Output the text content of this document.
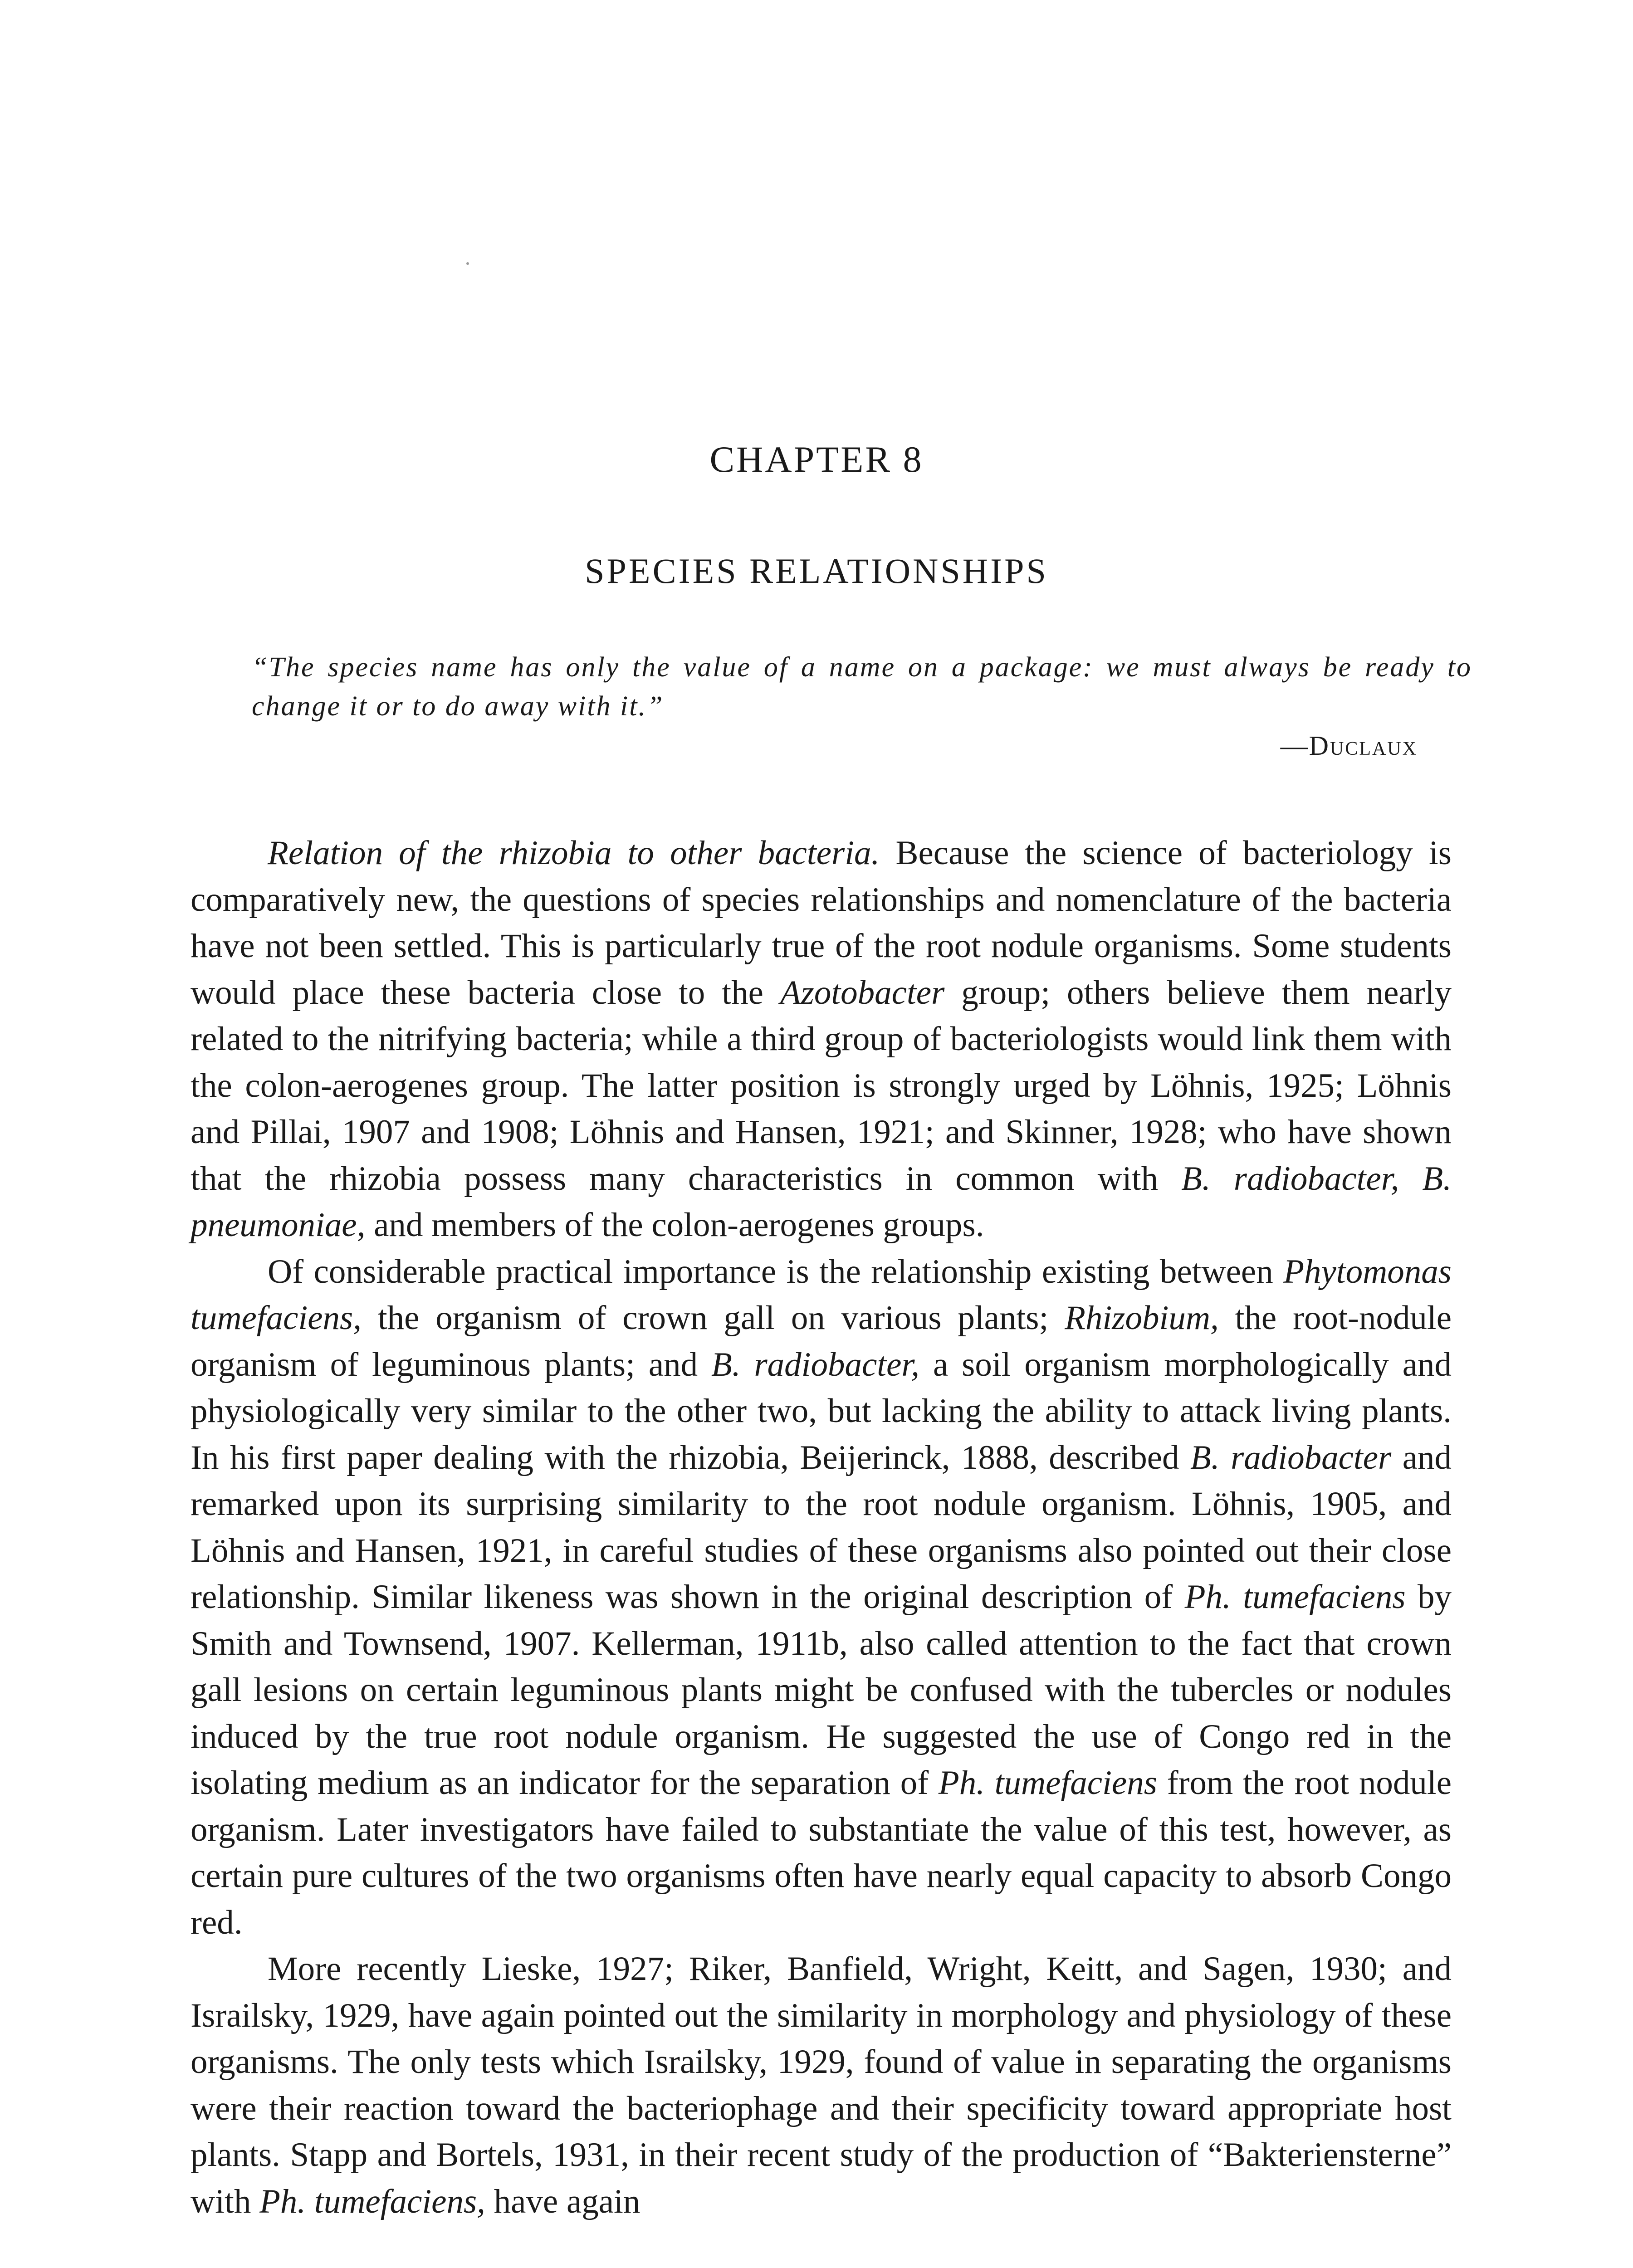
CHAPTER 8
SPECIES RELATIONSHIPS
“The species name has only the value of a name on a package: we must always be ready to change it or to do away with it.”
—Duclaux

Relation of the rhizobia to other bacteria. Because the science of bacteriology is comparatively new, the questions of species relationships and nomenclature of the bacteria have not been settled. This is particularly true of the root nodule organisms. Some students would place these bacteria close to the Azotobacter group; others believe them nearly related to the nitrifying bacteria; while a third group of bacteriologists would link them with the colon-aerogenes group. The latter position is strongly urged by Löhnis, 1925; Löhnis and Pillai, 1907 and 1908; Löhnis and Hansen, 1921; and Skinner, 1928; who have shown that the rhizobia possess many characteristics in common with B. radiobacter, B. pneumoniae, and members of the colon-aerogenes groups.

Of considerable practical importance is the relationship existing between Phytomonas tumefaciens, the organism of crown gall on various plants; Rhizobium, the root-nodule organism of leguminous plants; and B. radiobacter, a soil organism morphologically and physiologically very similar to the other two, but lacking the ability to attack living plants. In his first paper dealing with the rhizobia, Beijerinck, 1888, described B. radiobacter and remarked upon its surprising similarity to the root nodule organism. Löhnis, 1905, and Löhnis and Hansen, 1921, in careful studies of these organisms also pointed out their close relationship. Similar likeness was shown in the original description of Ph. tumefaciens by Smith and Townsend, 1907. Kellerman, 1911b, also called attention to the fact that crown gall lesions on certain leguminous plants might be confused with the tubercles or nodules induced by the true root nodule organism. He suggested the use of Congo red in the isolating medium as an indicator for the separation of Ph. tumefaciens from the root nodule organism. Later investigators have failed to substantiate the value of this test, however, as certain pure cultures of the two organisms often have nearly equal capacity to absorb Congo red.

More recently Lieske, 1927; Riker, Banfield, Wright, Keitt, and Sagen, 1930; and Israilsky, 1929, have again pointed out the similarity in morphology and physiology of these organisms. The only tests which Israilsky, 1929, found of value in separating the organisms were their reaction toward the bacteriophage and their specificity toward appropriate host plants. Stapp and Bortels, 1931, in their recent study of the production of “Bakteriensterne” with Ph. tumefaciens, have again
